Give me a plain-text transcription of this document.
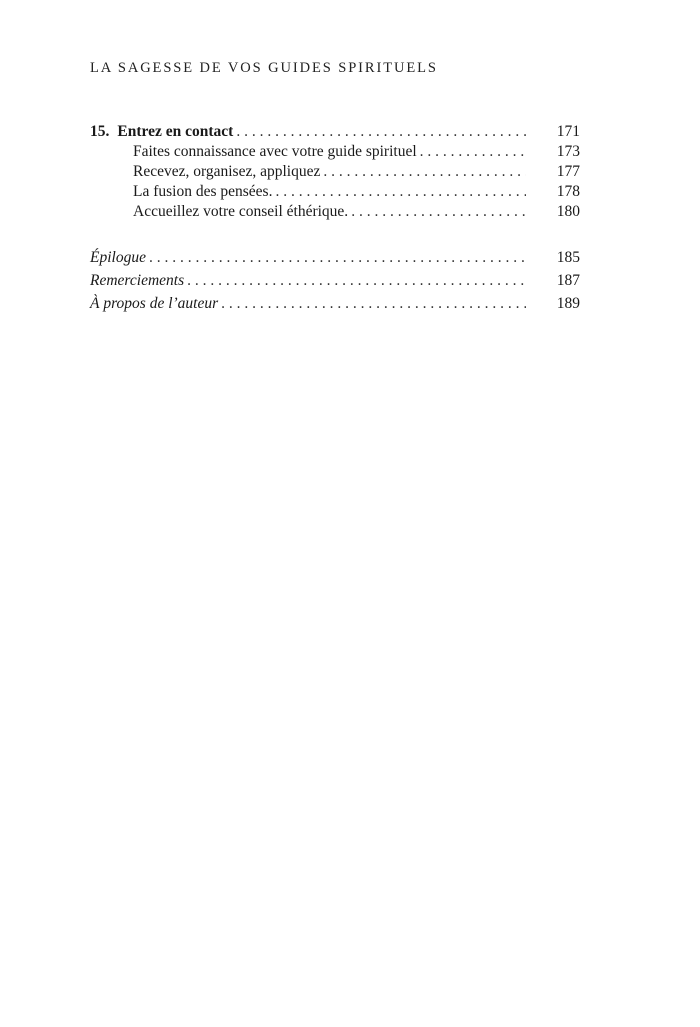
LA SAGESSE DE VOS GUIDES SPIRITUELS
15. Entrez en contact . . .	171
Faites connaissance avec votre guide spirituel . . .	173
Recevez, organisez, appliquez . . .	177
La fusion des pensées. . . .	178
Accueillez votre conseil éthérique. . . .	180
Épilogue . . .	185
Remerciements . . .	187
À propos de l’auteur . . .	189
